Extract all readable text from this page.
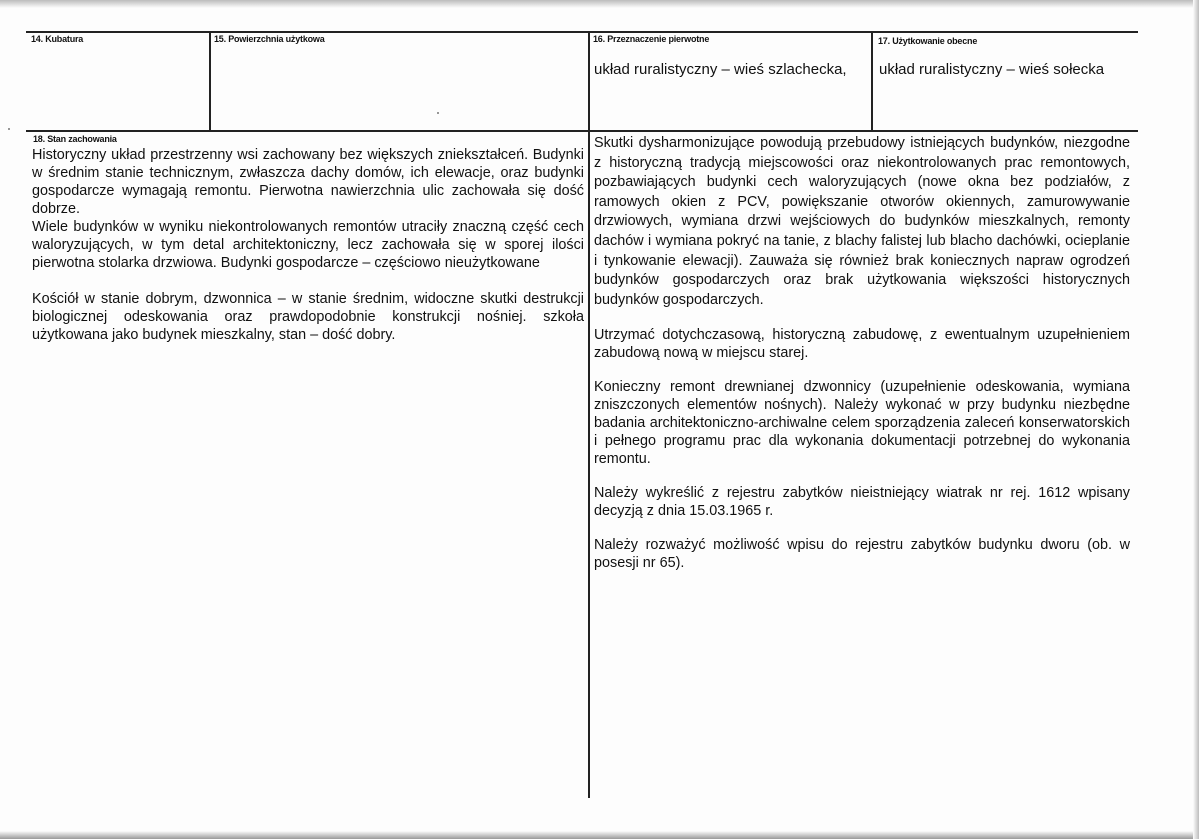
14. Kubatura	15. Powierzchnia użytkowa	16. Przeznaczenie pierwotne
układ ruralistyczny – wieś szlachecka,
17. Użytkowanie obecne
układ ruralistyczny – wieś sołecka
18. Stan zachowania

Historyczny układ przestrzenny wsi zachowany bez większych zniekształceń. Budynki w średnim stanie technicznym, zwłaszcza dachy domów, ich elewacje, oraz budynki gospodarcze wymagają remontu. Pierwotna nawierzchnia ulic zachowała się dość dobrze.

Wiele budynków w wyniku niekontrolowanych remontów utraciły znaczną część cech waloryzujących, w tym detal architektoniczny, lecz zachowała się w sporej ilości pierwotna stolarka drzwiowa. Budynki gospodarcze – częściowo nieużytkowane

Kościół w stanie dobrym, dzwonnica – w stanie średnim, widoczne skutki destrukcji biologicznej odeskowania oraz prawdopodobnie konstrukcji nośniej. szkoła użytkowana jako budynek mieszkalny, stan – dość dobry.

Skutki dysharmonizujące powodują przebudowy istniejących budynków, niezgodne z historyczną tradycją miejscowości oraz niekontrolowanych prac remontowych, pozbawiających budynki cech waloryzujących (nowe okna bez podziałów, z ramowych okien z PCV, powiększanie otworów okiennych, zamurowywanie drzwiowych, wymiana drzwi wejściowych do budynków mieszkalnych, remonty dachów i wymiana pokryć na tanie, z blachy falistej lub blacho dachówki, ocieplanie i tynkowanie elewacji). Zauważa się również brak koniecznych napraw ogrodzeń budynków gospodarczych oraz brak użytkowania większości historycznych budynków gospodarczych.

Utrzymać dotychczasową, historyczną zabudowę, z ewentualnym uzupełnieniem zabudową nową w miejscu starej.

Konieczny remont drewnianej dzwonnicy (uzupełnienie odeskowania, wymiana zniszczonych elementów nośnych). Należy wykonać w przy budynku niezbędne badania architektoniczno-archiwalne celem sporządzenia zaleceń konserwatorskich i pełnego programu prac dla wykonania dokumentacji potrzebnej do wykonania remontu.

Należy wykreślić z rejestru zabytków nieistniejący wiatrak nr rej. 1612 wpisany decyzją z dnia 15.03.1965 r.

Należy rozważyć możliwość wpisu do rejestru zabytków budynku dworu (ob. w posesji nr 65).
